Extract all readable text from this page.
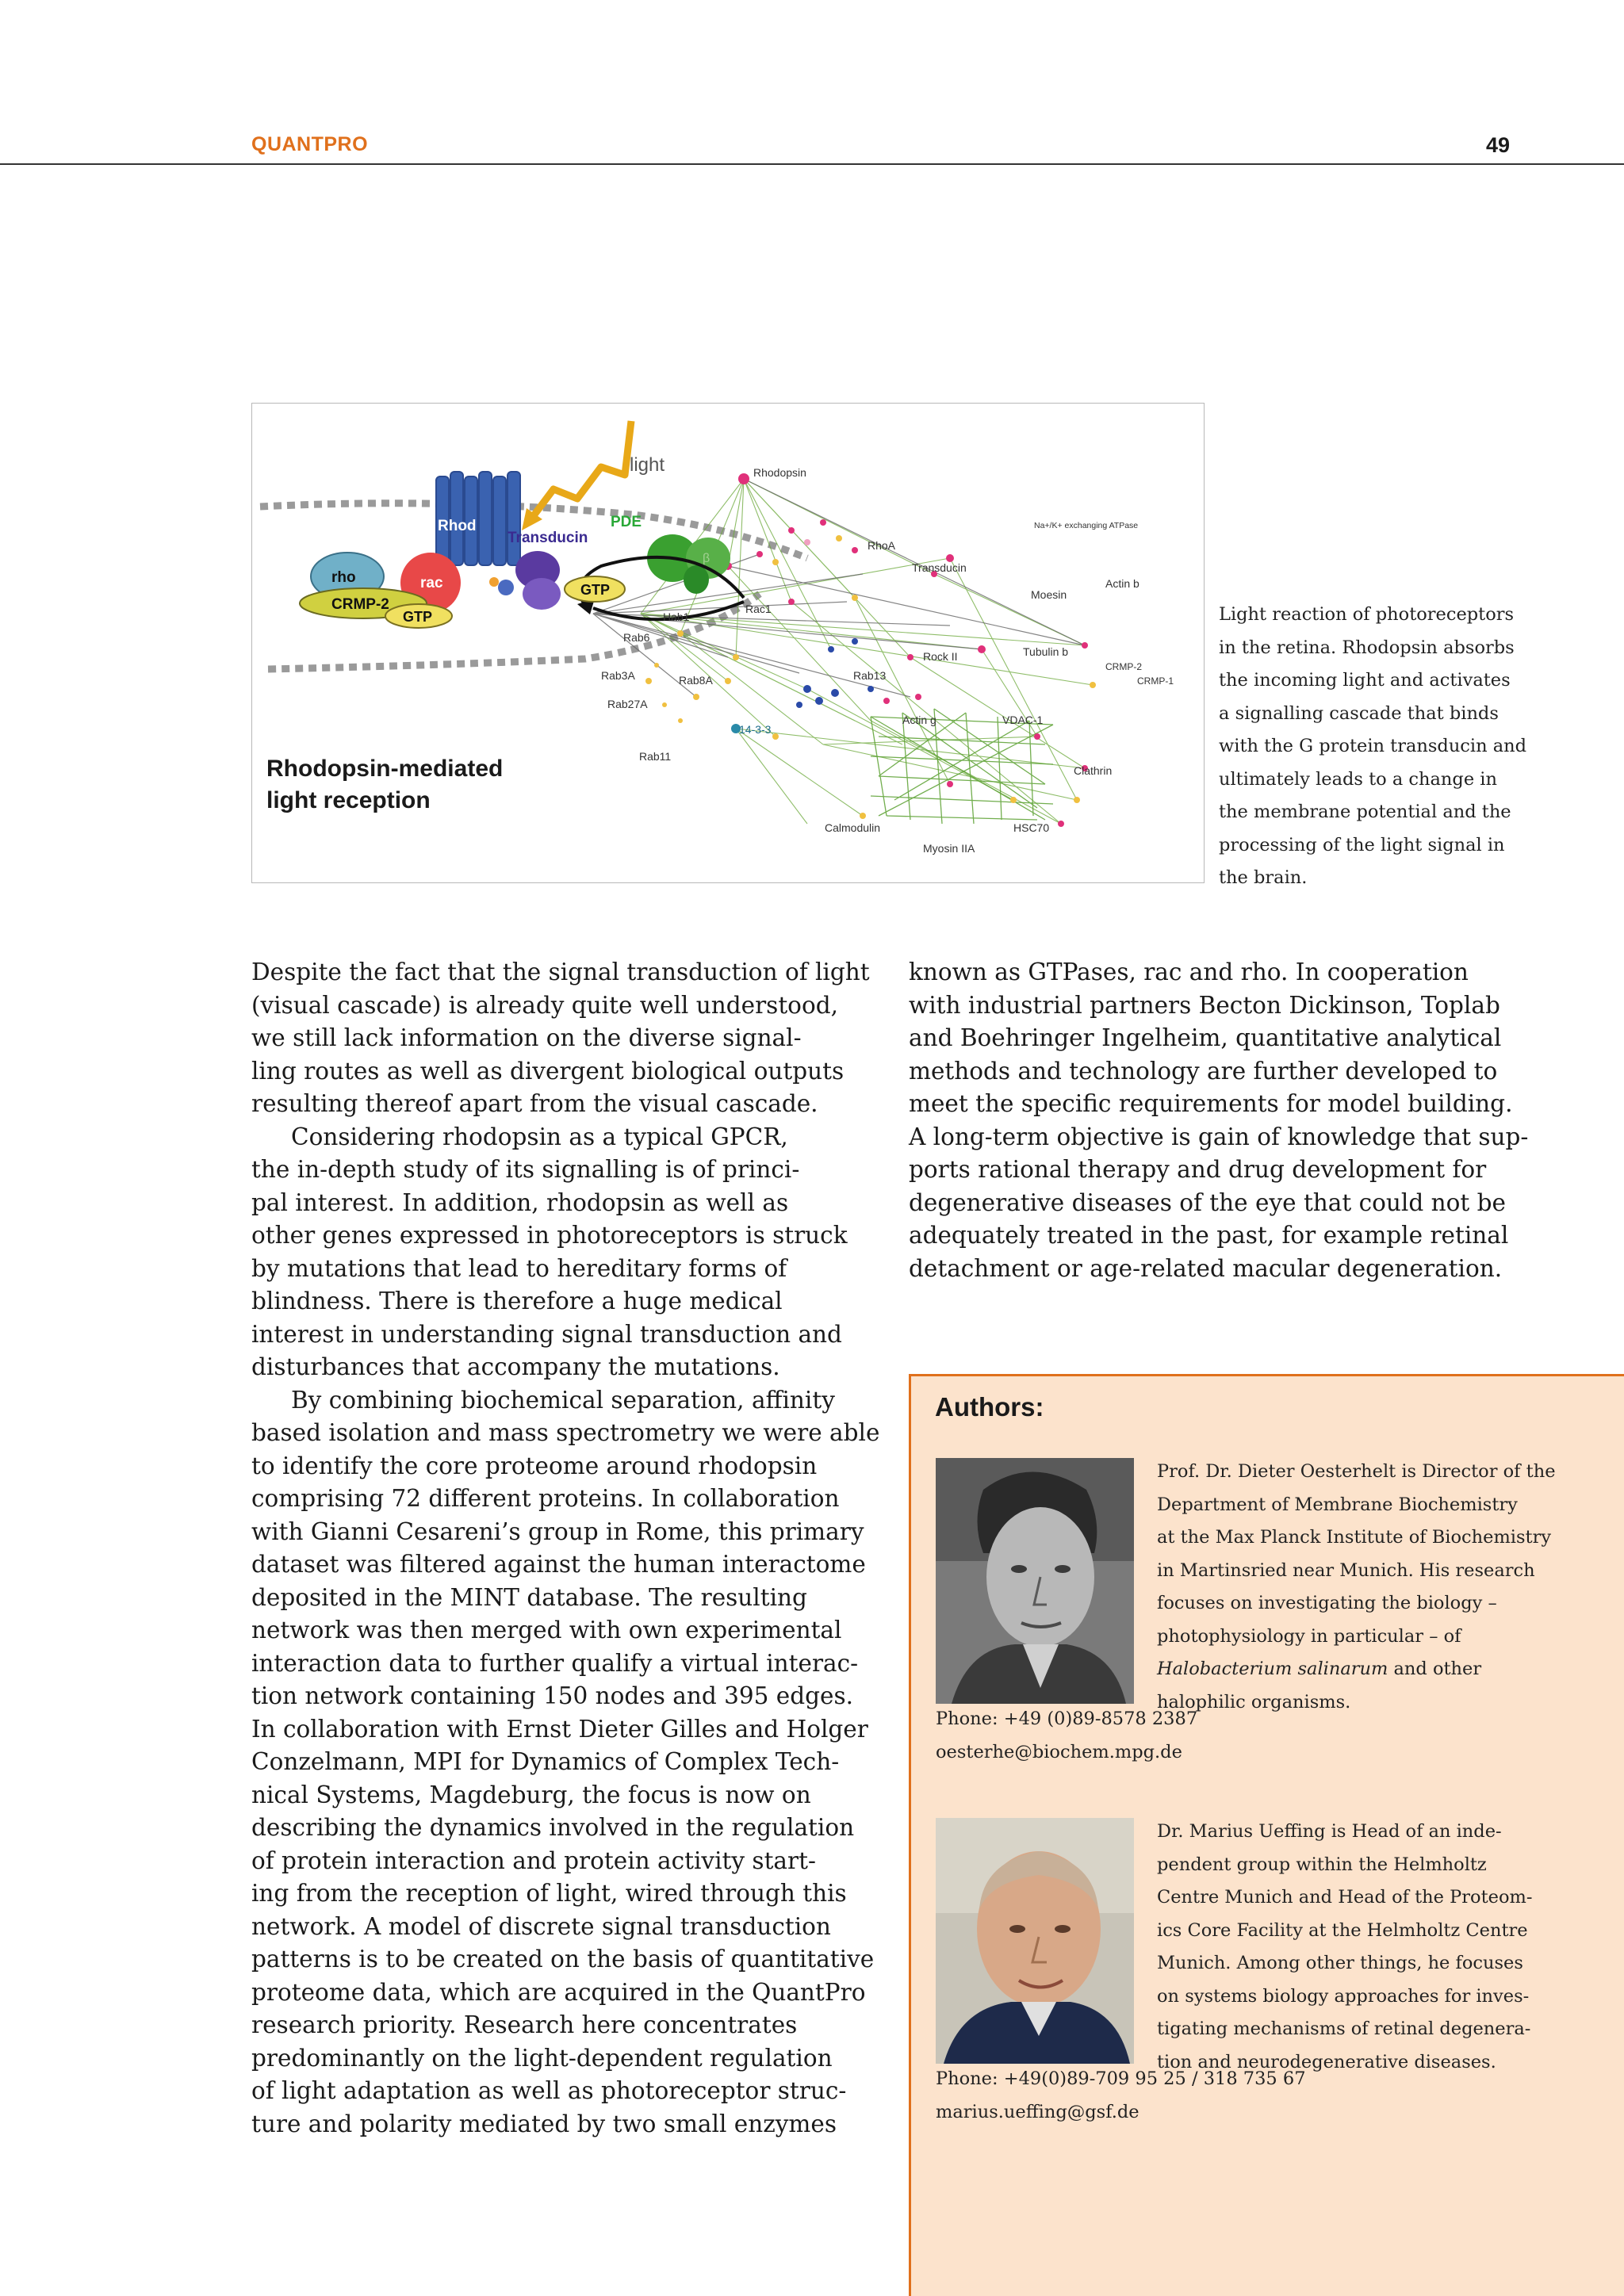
QUANTPRO	49
Rhod
Transducin
PDE
β
GTP
rho	rac
CRMP-2
GTP
light	Rhodopsin
Na+/K+ exchanging ATPase
RhoA
Transducin
Moesin
Actin b
Rac1
Hab1
Rab6
Rab3A	Rab8A
Rab27A
Rab11
Rab13
Rock II	Tubulin b
CRMP-2
CRMP-1
14-3-3
Actin g	VDAC-1
Clathrin
Calmodulin	HSC70
Myosin IIA
Rhodopsin-mediated
light reception
Light reaction of photoreceptors
in the retina. Rhodopsin absorbs
the incoming light and activates
a signalling cascade that binds
with the G protein transducin and
ultimately leads to a change in
the membrane potential and the
processing of the light signal in
the brain.

Despite the fact that the signal transduction of light

(visual cascade) is already quite well understood,

we still lack information on the diverse signal-

ling routes as well as divergent biological outputs

resulting thereof apart from the visual cascade.

Considering rhodopsin as a typical GPCR,

the in-depth study of its signalling is of princi-

pal interest. In addition, rhodopsin as well as

other genes expressed in photoreceptors is struck

by mutations that lead to hereditary forms of

blindness. There is therefore a huge medical

interest in understanding signal transduction and

disturbances that accompany the mutations.

By combining biochemical separation, affinity

based isolation and mass spectrometry we were able

to identify the core proteome around rhodopsin

comprising 72 different proteins. In collaboration

with Gianni Cesareni’s group in Rome, this primary

dataset was filtered against the human interactome

deposited in the MINT database. The resulting

network was then merged with own experimental

interaction data to further qualify a virtual interac-

tion network containing 150 nodes and 395 edges.

In collaboration with Ernst Dieter Gilles and Holger

Conzelmann, MPI for Dynamics of Complex Tech-

nical Systems, Magdeburg, the focus is now on

describing the dynamics involved in the regulation

of protein interaction and protein activity start-

ing from the reception of light, wired through this

network. A model of discrete signal transduction

patterns is to be created on the basis of quantitative

proteome data, which are acquired in the QuantPro

research priority. Research here concentrates

predominantly on the light-dependent regulation

of light adaptation as well as photoreceptor struc-

ture and polarity mediated by two small enzymes

known as GTPases, rac and rho. In cooperation

with industrial partners Becton Dickinson, Toplab

and Boehringer Ingelheim, quantitative analytical

methods and technology are further developed to

meet the specific requirements for model building.

A long-term objective is gain of knowledge that sup-

ports rational therapy and drug development for

degenerative diseases of the eye that could not be

adequately treated in the past, for example retinal

detachment or age-related macular degeneration.

Authors:
Prof. Dr. Dieter Oesterhelt is Director of the
Department of Membrane Biochemistry
at the Max Planck Institute of Biochemistry
in Martinsried near Munich. His research
focuses on investigating the biology –
photophysiology in particular – of
Halobacterium salinarum and other
halophilic organisms.
Phone: +49 (0)89-8578 2387
oesterhe@biochem.mpg.de
Dr. Marius Ueffing is Head of an inde-
pendent group within the Helmholtz
Centre Munich and Head of the Proteom-
ics Core Facility at the Helmholtz Centre
Munich. Among other things, he focuses
on systems biology approaches for inves-
tigating mechanisms of retinal degenera-
tion and neurodegenerative diseases.
Phone: +49(0)89-709 95 25 / 318 735 67
marius.ueffing@gsf.de
